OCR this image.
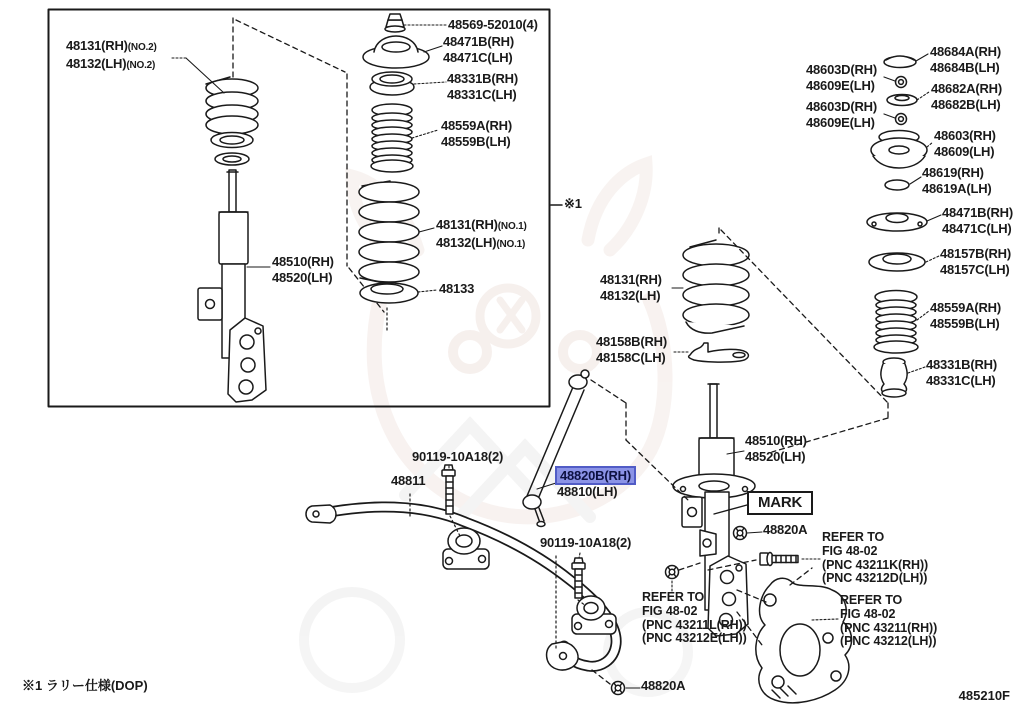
48131(RH)(NO.2)
48132(LH)(NO.2)
48569-52010(4)
48471B(RH)
48471C(LH)
48331B(RH)
48331C(LH)
48559A(RH)
48559B(LH)
48131(RH)(NO.1)
48132(LH)(NO.1)
48133
48510(RH)
48520(LH)
※1
48131(RH)
48132(LH)
48158B(RH)
48158C(LH)
48510(RH)
48520(LH)
MARK
48820A REFER TO
FIG 48-02
(PNC 43211K(RH))
(PNC 43212D(LH))
REFER TO
FIG 48-02
(PNC 43211(RH))
(PNC 43212(LH))
REFER TO
FIG 48-02
(PNC 43211L(RH))
(PNC 43212E(LH))
90119-10A18(2)
48811	48820B(RH)
48810(LH)
90119-10A18(2)
48820A
48684A(RH)
48684B(LH)
48603D(RH)
48609E(LH)	48682A(RH)
48682B(LH)
48603D(RH)
48609E(LH)
48603(RH)
48609(LH)
48619(RH)
48619A(LH)
48471B(RH)
48471C(LH)
48157B(RH)
48157C(LH)
48559A(RH)
48559B(LH)
48331B(RH)
48331C(LH)
※1 ラリー仕様(DOP)
485210F
